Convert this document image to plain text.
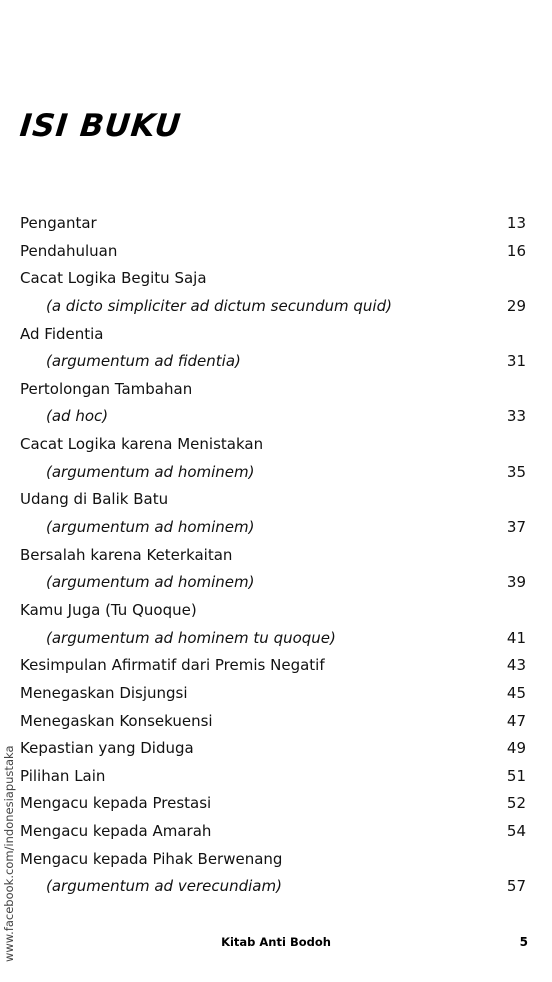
ISI BUKU
Pengantar	13
Pendahuluan	16
Cacat Logika Begitu Saja
(a dicto simpliciter ad dictum secundum quid)	29
Ad Fidentia
(argumentum ad fidentia)	31
Pertolongan Tambahan
(ad hoc)	33
Cacat Logika karena Menistakan
(argumentum ad hominem)	35
Udang di Balik Batu
(argumentum ad hominem)	37
Bersalah karena Keterkaitan
(argumentum ad hominem)	39
Kamu Juga (Tu Quoque)
(argumentum ad hominem tu quoque)	41
Kesimpulan Afirmatif dari Premis Negatif	43
Menegaskan Disjungsi	45
Menegaskan Konsekuensi	47
Kepastian yang Diduga	49
Pilihan Lain	51
Mengacu kepada Prestasi	52
Mengacu kepada Amarah	54
Mengacu kepada Pihak Berwenang
(argumentum ad verecundiam)	57
www.facebook.com/indonesiapustaka	Kitab Anti Bodoh	5
